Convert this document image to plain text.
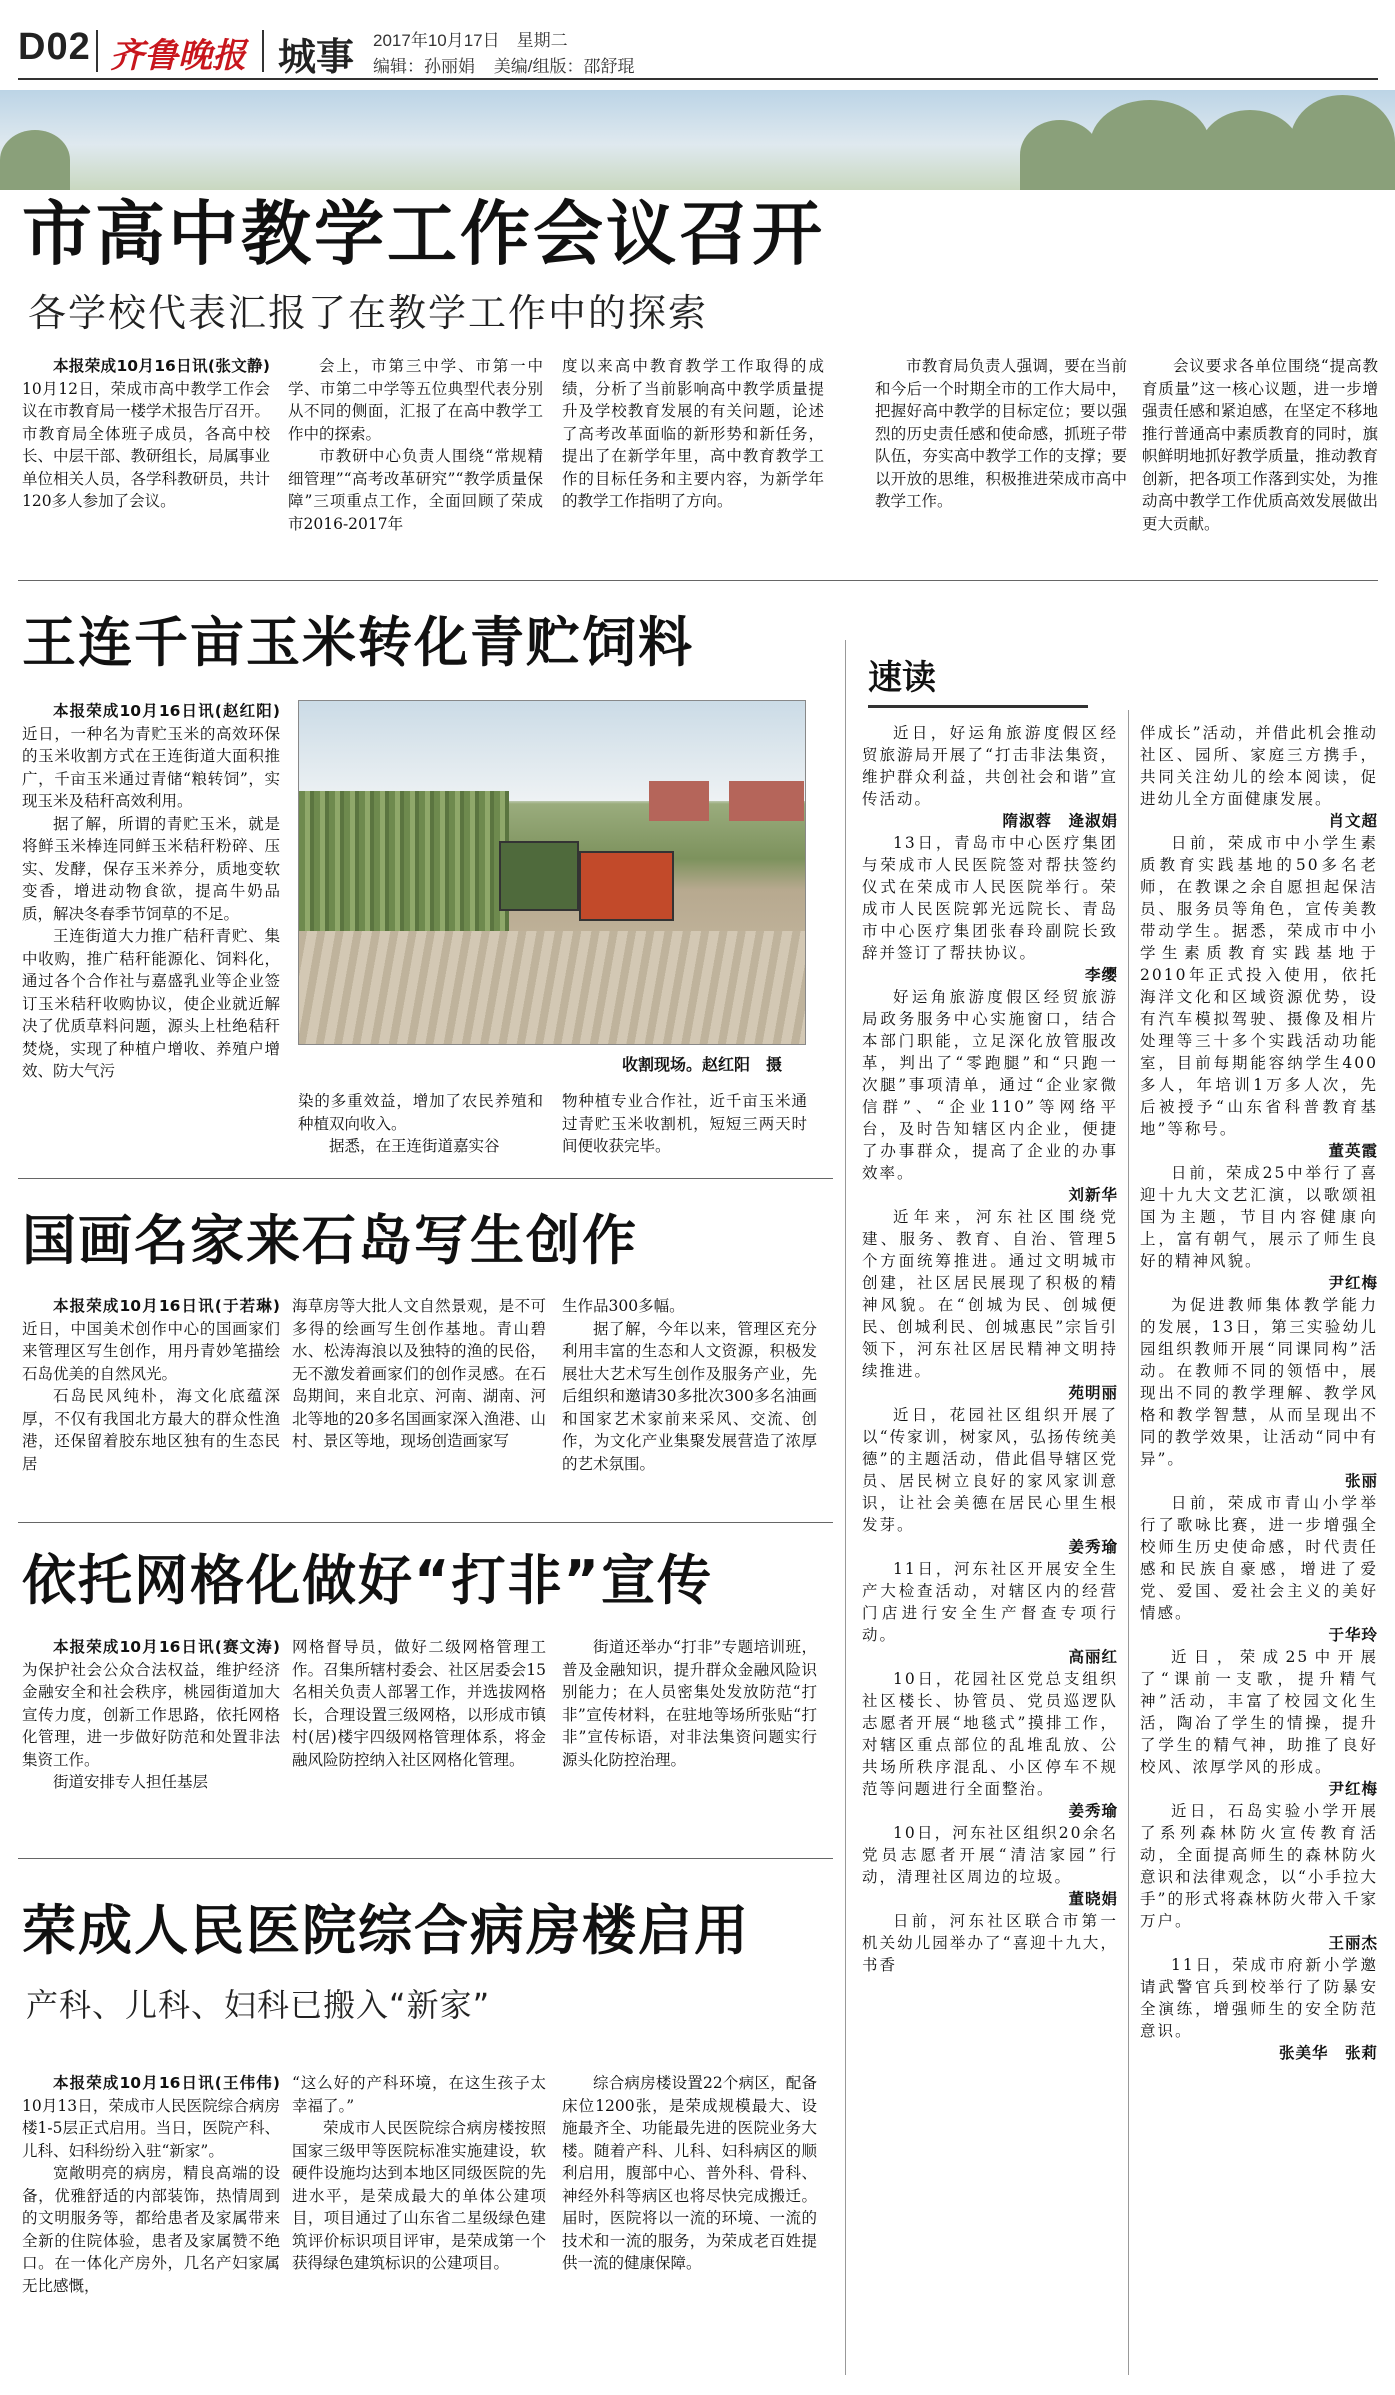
D02 齐鲁晚报 城事 2017年10月17日　星期二
编辑：孙丽娟 美编/组版：邵舒琨
市高中教学工作会议召开
各学校代表汇报了在教学工作中的探索

本报荣成10月16日讯(张文静)　10月12日，荣成市高中教学工作会议在市教育局一楼学术报告厅召开。市教育局全体班子成员，各高中校长、中层干部、教研组长，局属事业单位相关人员，各学科教研员，共计120多人参加了会议。

会上，市第三中学、市第一中学、市第二中学等五位典型代表分别从不同的侧面，汇报了在高中教学工作中的探索。

市教研中心负责人围绕“常规精细管理”“高考改革研究”“教学质量保障”三项重点工作，全面回顾了荣成市2016-2017年

度以来高中教育教学工作取得的成绩，分析了当前影响高中教学质量提升及学校教育发展的有关问题，论述了高考改革面临的新形势和新任务，提出了在新学年里，高中教育教学工作的目标任务和主要内容，为新学年的教学工作指明了方向。

市教育局负责人强调，要在当前和今后一个时期全市的工作大局中，把握好高中教学的目标定位；要以强烈的历史责任感和使命感，抓班子带队伍，夯实高中教学工作的支撑；要以开放的思维，积极推进荣成市高中教学工作。

会议要求各单位围绕“提高教育质量”这一核心议题，进一步增强责任感和紧迫感，在坚定不移地推行普通高中素质教育的同时，旗帜鲜明地抓好教学质量，推动教育创新，把各项工作落到实处，为推动高中教学工作优质高效发展做出更大贡献。

王连千亩玉米转化青贮饲料

本报荣成10月16日讯(赵红阳)　近日，一种名为青贮玉米的高效环保的玉米收割方式在王连街道大面积推广，千亩玉米通过青储“粮转饲”，实现玉米及秸秆高效利用。

据了解，所谓的青贮玉米，就是将鲜玉米棒连同鲜玉米秸秆粉碎、压实、发酵，保存玉米养分，质地变软变香，增进动物食欲，提高牛奶品质，解决冬春季节饲草的不足。

王连街道大力推广秸秆青贮、集中收购，推广秸秆能源化、饲料化，通过各个合作社与嘉盛乳业等企业签订玉米秸秆收购协议，使企业就近解决了优质草料问题，源头上杜绝秸秆焚烧，实现了种植户增收、养殖户增效、防大气污	收割现场。赵红阳　摄

染的多重效益，增加了农民养殖和种植双向收入。

据悉，在王连街道嘉实谷

物种植专业合作社，近千亩玉米通过青贮玉米收割机，短短三两天时间便收获完毕。

国画名家来石岛写生创作

本报荣成10月16日讯(于若琳)　近日，中国美术创作中心的国画家们来管理区写生创作，用丹青妙笔描绘石岛优美的自然风光。

石岛民风纯朴，海文化底蕴深厚，不仅有我国北方最大的群众性渔港，还保留着胶东地区独有的生态民居

海草房等大批人文自然景观，是不可多得的绘画写生创作基地。青山碧水、松涛海浪以及独特的渔的民俗，无不激发着画家们的创作灵感。在石岛期间，来自北京、河南、湖南、河北等地的20多名国画家深入渔港、山村、景区等地，现场创造画家写

生作品300多幅。

据了解，今年以来，管理区充分利用丰富的生态和人文资源，积极发展壮大艺术写生创作及服务产业，先后组织和邀请30多批次300多名油画和国家艺术家前来采风、交流、创作，为文化产业集聚发展营造了浓厚的艺术氛围。

依托网格化做好“打非”宣传

本报荣成10月16日讯(赛文涛)　为保护社会公众合法权益，维护经济金融安全和社会秩序，桃园街道加大宣传力度，创新工作思路，依托网格化管理，进一步做好防范和处置非法集资工作。

街道安排专人担任基层

网格督导员，做好二级网格管理工作。召集所辖村委会、社区居委会15名相关负责人部署工作，并选拔网格长，合理设置三级网格，以形成市镇村(居)楼宇四级网格管理体系，将金融风险防控纳入社区网格化管理。

街道还举办“打非”专题培训班，普及金融知识，提升群众金融风险识别能力；在人员密集处发放防范“打非”宣传材料，在驻地等场所张贴“打非”宣传标语，对非法集资问题实行源头化防控治理。

荣成人民医院综合病房楼启用
产科、儿科、妇科已搬入“新家”

本报荣成10月16日讯(王伟伟)　10月13日，荣成市人民医院综合病房楼1-5层正式启用。当日，医院产科、儿科、妇科纷纷入驻“新家”。

宽敞明亮的病房，精良高端的设备，优雅舒适的内部装饰，热情周到的文明服务等，都给患者及家属带来全新的住院体验，患者及家属赞不绝口。在一体化产房外，几名产妇家属无比感慨，

“这么好的产科环境，在这生孩子太幸福了。”

荣成市人民医院综合病房楼按照国家三级甲等医院标准实施建设，软硬件设施均达到本地区同级医院的先进水平，是荣成最大的单体公建项目，项目通过了山东省二星级绿色建筑评价标识项目评审，是荣成第一个获得绿色建筑标识的公建项目。

综合病房楼设置22个病区，配备床位1200张，是荣成规模最大、设施最齐全、功能最先进的医院业务大楼。随着产科、儿科、妇科病区的顺利启用，腹部中心、普外科、骨科、神经外科等病区也将尽快完成搬迁。届时，医院将以一流的环境、一流的技术和一流的服务，为荣成老百姓提供一流的健康保障。

速读

近日，好运角旅游度假区经贸旅游局开展了“打击非法集资，维护群众利益，共创社会和谐”宣传活动。

隋淑蓉　逄淑娟

13日，青岛市中心医疗集团与荣成市人民医院签对帮扶签约仪式在荣成市人民医院举行。荣成市人民医院郭光远院长、青岛市中心医疗集团张春玲副院长致辞并签订了帮扶协议。

李缨

好运角旅游度假区经贸旅游局政务服务中心实施窗口，结合本部门职能，立足深化放管服改革，判出了“零跑腿”和“只跑一次腿”事项清单，通过“企业家微信群”、“企业110”等网络平台，及时告知辖区内企业，便捷了办事群众，提高了企业的办事效率。

刘新华

近年来，河东社区围绕党建、服务、教育、自治、管理5个方面统筹推进。通过文明城市创建，社区居民展现了积极的精神风貌。在“创城为民、创城便民、创城利民、创城惠民”宗旨引领下，河东社区居民精神文明持续推进。

苑明丽

近日，花园社区组织开展了以“传家训，树家风，弘扬传统美德”的主题活动，借此倡导辖区党员、居民树立良好的家风家训意识，让社会美德在居民心里生根发芽。

姜秀瑜

11日，河东社区开展安全生产大检查活动，对辖区内的经营门店进行安全生产督查专项行动。

高丽红

10日，花园社区党总支组织社区楼长、协管员、党员巡逻队志愿者开展“地毯式”摸排工作，对辖区重点部位的乱堆乱放、公共场所秩序混乱、小区停车不规范等问题进行全面整治。

姜秀瑜

10日，河东社区组织20余名党员志愿者开展“清洁家园”行动，清理社区周边的垃圾。

董晓娟

日前，河东社区联合市第一机关幼儿园举办了“喜迎十九大，书香

伴成长”活动，并借此机会推动社区、园所、家庭三方携手，共同关注幼儿的绘本阅读，促进幼儿全方面健康发展。

肖文超

日前，荣成市中小学生素质教育实践基地的50多名老师，在教课之余自愿担起保洁员、服务员等角色，宣传美教带动学生。据悉，荣成市中小学生素质教育实践基地于2010年正式投入使用，依托海洋文化和区域资源优势，设有汽车模拟驾驶、摄像及相片处理等三十多个实践活动功能室，目前每期能容纳学生400多人，年培训1万多人次，先后被授予“山东省科普教育基地”等称号。

董英霞

日前，荣成25中举行了喜迎十九大文艺汇演，以歌颂祖国为主题，节目内容健康向上，富有朝气，展示了师生良好的精神风貌。

尹红梅

为促进教师集体教学能力的发展，13日，第三实验幼儿园组织教师开展“同课同构”活动。在教师不同的领悟中，展现出不同的教学理解、教学风格和教学智慧，从而呈现出不同的教学效果，让活动“同中有异”。

张丽

日前，荣成市青山小学举行了歌咏比赛，进一步增强全校师生历史使命感，时代责任感和民族自豪感，增进了爱党、爱国、爱社会主义的美好情感。

于华玲

近日，荣成25中开展了“课前一支歌，提升精气神”活动，丰富了校园文化生活，陶冶了学生的情操，提升了学生的精气神，助推了良好校风、浓厚学风的形成。

尹红梅

近日，石岛实验小学开展了系列森林防火宣传教育活动，全面提高师生的森林防火意识和法律观念，以“小手拉大手”的形式将森林防火带入千家万户。

王丽杰

11日，荣成市府新小学邀请武警官兵到校举行了防暴安全演练，增强师生的安全防范意识。

张美华　张莉
